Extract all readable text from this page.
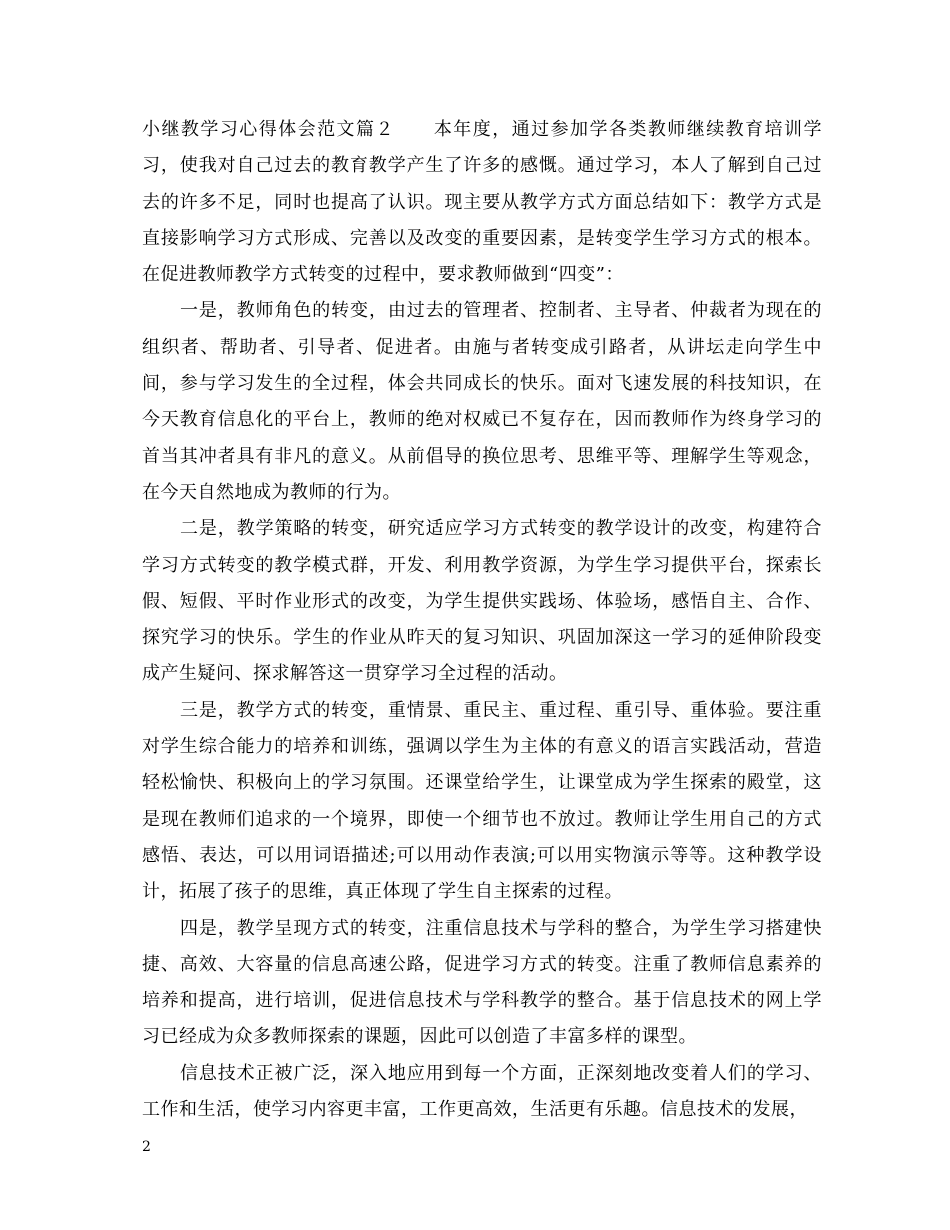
小继教学习心得体会范文篇２　　本年度，通过参加学各类教师继续教育培训学习，使我对自己过去的教育教学产生了许多的感慨。通过学习，本人了解到自己过去的许多不足，同时也提高了认识。现主要从教学方式方面总结如下：教学方式是直接影响学习方式形成、完善以及改变的重要因素，是转变学生学习方式的根本。在促进教师教学方式转变的过程中，要求教师做到“四变”：

一是，教师角色的转变，由过去的管理者、控制者、主导者、仲裁者为现在的组织者、帮助者、引导者、促进者。由施与者转变成引路者，从讲坛走向学生中间，参与学习发生的全过程，体会共同成长的快乐。面对飞速发展的科技知识，在今天教育信息化的平台上，教师的绝对权威已不复存在，因而教师作为终身学习的首当其冲者具有非凡的意义。从前倡导的换位思考、思维平等、理解学生等观念，在今天自然地成为教师的行为。

二是，教学策略的转变，研究适应学习方式转变的教学设计的改变，构建符合学习方式转变的教学模式群，开发、利用教学资源，为学生学习提供平台，探索长假、短假、平时作业形式的改变，为学生提供实践场、体验场，感悟自主、合作、探究学习的快乐。学生的作业从昨天的复习知识、巩固加深这一学习的延伸阶段变成产生疑问、探求解答这一贯穿学习全过程的活动。

三是，教学方式的转变，重情景、重民主、重过程、重引导、重体验。要注重对学生综合能力的培养和训练，强调以学生为主体的有意义的语言实践活动，营造轻松愉快、积极向上的学习氛围。还课堂给学生，让课堂成为学生探索的殿堂，这是现在教师们追求的一个境界，即使一个细节也不放过。教师让学生用自己的方式感悟、表达，可以用词语描述;可以用动作表演;可以用实物演示等等。这种教学设计，拓展了孩子的思维，真正体现了学生自主探索的过程。

四是，教学呈现方式的转变，注重信息技术与学科的整合，为学生学习搭建快捷、高效、大容量的信息高速公路，促进学习方式的转变。注重了教师信息素养的培养和提高，进行培训，促进信息技术与学科教学的整合。基于信息技术的网上学习已经成为众多教师探索的课题，因此可以创造了丰富多样的课型。

信息技术正被广泛，深入地应用到每一个方面，正深刻地改变着人们的学习、工作和生活，使学习内容更丰富，工作更高效，生活更有乐趣。信息技术的发展，

2
